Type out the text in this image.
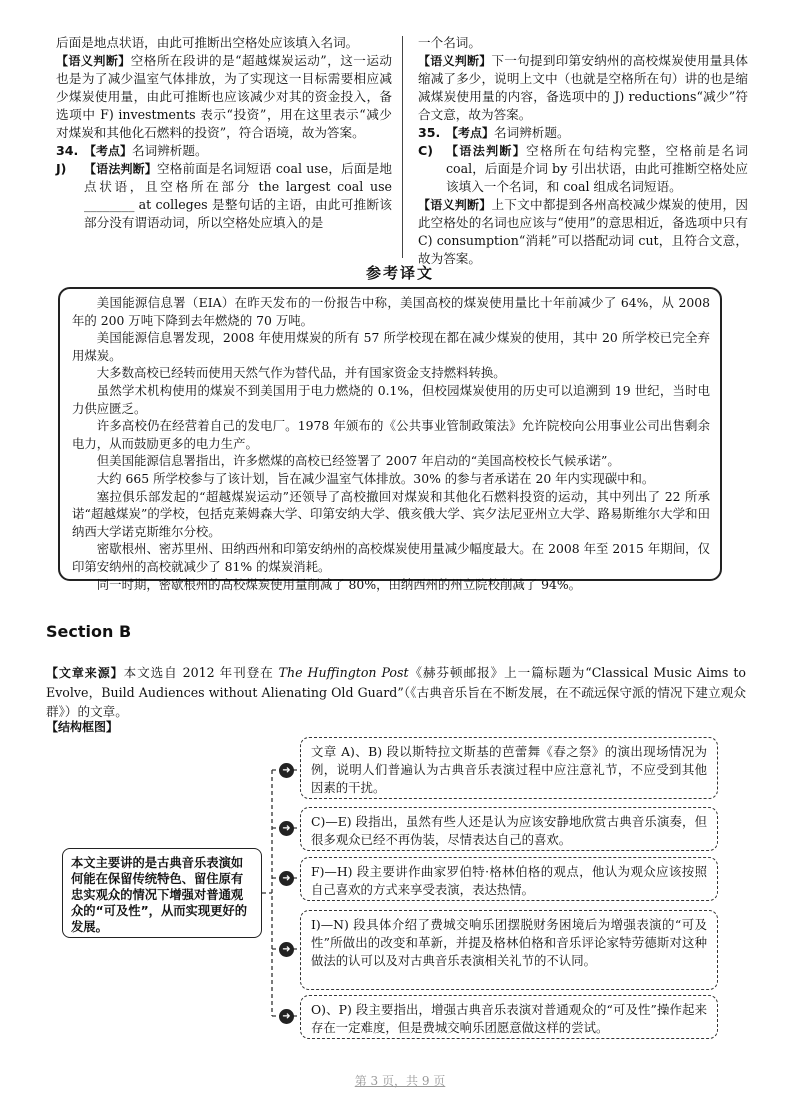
后面是地点状语，由此可推断出空格处应该填入名词。

【语义判断】空格所在段讲的是“超越煤炭运动”，这一运动也是为了减少温室气体排放，为了实现这一目标需要相应减少煤炭使用量，由此可推断也应该减少对其的资金投入，备选项中 F) investments 表示“投资”，用在这里表示“减少对煤炭和其他化石燃料的投资”，符合语境，故为答案。

34. 【考点】名词辨析题。
J)	【语法判断】空格前面是名词短语 coal use，后面是地点状语，且空格所在部分 the largest coal use ________ at colleges 是整句话的主语，由此可推断该部分没有谓语动词，所以空格处应填入的是

一个名词。

【语义判断】下一句提到印第安纳州的高校煤炭使用量具体缩减了多少，说明上文中（也就是空格所在句）讲的也是缩减煤炭使用量的内容，备选项中的 J) reductions“减少”符合文意，故为答案。

35. 【考点】名词辨析题。
C)	【语法判断】空格所在句结构完整，空格前是名词 coal，后面是介词 by 引出状语，由此可推断空格处应该填入一个名词，和 coal 组成名词短语。

【语义判断】上下文中都提到各州高校减少煤炭的使用，因此空格处的名词也应该与“使用”的意思相近，备选项中只有 C) consumption“消耗”可以搭配动词 cut，且符合文意，故为答案。

参考译文

美国能源信息署（EIA）在昨天发布的一份报告中称，美国高校的煤炭使用量比十年前减少了 64%，从 2008 年的 200 万吨下降到去年燃烧的 70 万吨。

美国能源信息署发现，2008 年使用煤炭的所有 57 所学校现在都在减少煤炭的使用，其中 20 所学校已完全弃用煤炭。

大多数高校已经转而使用天然气作为替代品，并有国家资金支持燃料转换。

虽然学术机构使用的煤炭不到美国用于电力燃烧的 0.1%，但校园煤炭使用的历史可以追溯到 19 世纪，当时电力供应匮乏。

许多高校仍在经营着自己的发电厂。1978 年颁布的《公共事业管制政策法》允许院校向公用事业公司出售剩余电力，从而鼓励更多的电力生产。

但美国能源信息署指出，许多燃煤的高校已经签署了 2007 年启动的“美国高校校长气候承诺”。

大约 665 所学校参与了该计划，旨在减少温室气体排放。30% 的参与者承诺在 20 年内实现碳中和。

塞拉俱乐部发起的“超越煤炭运动”还领导了高校撤回对煤炭和其他化石燃料投资的运动，其中列出了 22 所承诺“超越煤炭”的学校，包括克莱姆森大学、印第安纳大学、俄亥俄大学、宾夕法尼亚州立大学、路易斯维尔大学和田纳西大学诺克斯维尔分校。

密歇根州、密苏里州、田纳西州和印第安纳州的高校煤炭使用量减少幅度最大。在 2008 年至 2015 年期间，仅印第安纳州的高校就减少了 81% 的煤炭消耗。

同一时期，密歇根州的高校煤炭使用量削减了 80%，田纳西州的州立院校削减了 94%。

Section B
【文章来源】本文选自 2012 年刊登在 The Huffington Post《赫芬顿邮报》上一篇标题为“Classical Music Aims to Evolve，Build Audiences without Alienating Old Guard”（《古典音乐旨在不断发展，在不疏远保守派的情况下建立观众群》）的文章。
【结构框图】
本文主要讲的是古典音乐表演如何能在保留传统特色、留住原有忠实观众的情况下增强对普通观众的“可及性”，从而实现更好的发展。
➜
➜
➜
➜
➜
文章 A)、B) 段以斯特拉文斯基的芭蕾舞《春之祭》的演出现场情况为例，说明人们普遍认为古典音乐表演过程中应注意礼节，不应受到其他因素的干扰。
C)—E) 段指出，虽然有些人还是认为应该安静地欣赏古典音乐演奏，但很多观众已经不再伪装，尽情表达自己的喜欢。
F)—H) 段主要讲作曲家罗伯特·格林伯格的观点，他认为观众应该按照自己喜欢的方式来享受表演，表达热情。
I)—N) 段具体介绍了费城交响乐团摆脱财务困境后为增强表演的“可及性”所做出的改变和革新，并提及格林伯格和音乐评论家特劳德斯对这种做法的认可以及对古典音乐表演相关礼节的不认同。
O)、P) 段主要指出，增强古典音乐表演对普通观众的“可及性”操作起来存在一定难度，但是费城交响乐团愿意做这样的尝试。
第 3 页，共 9 页
